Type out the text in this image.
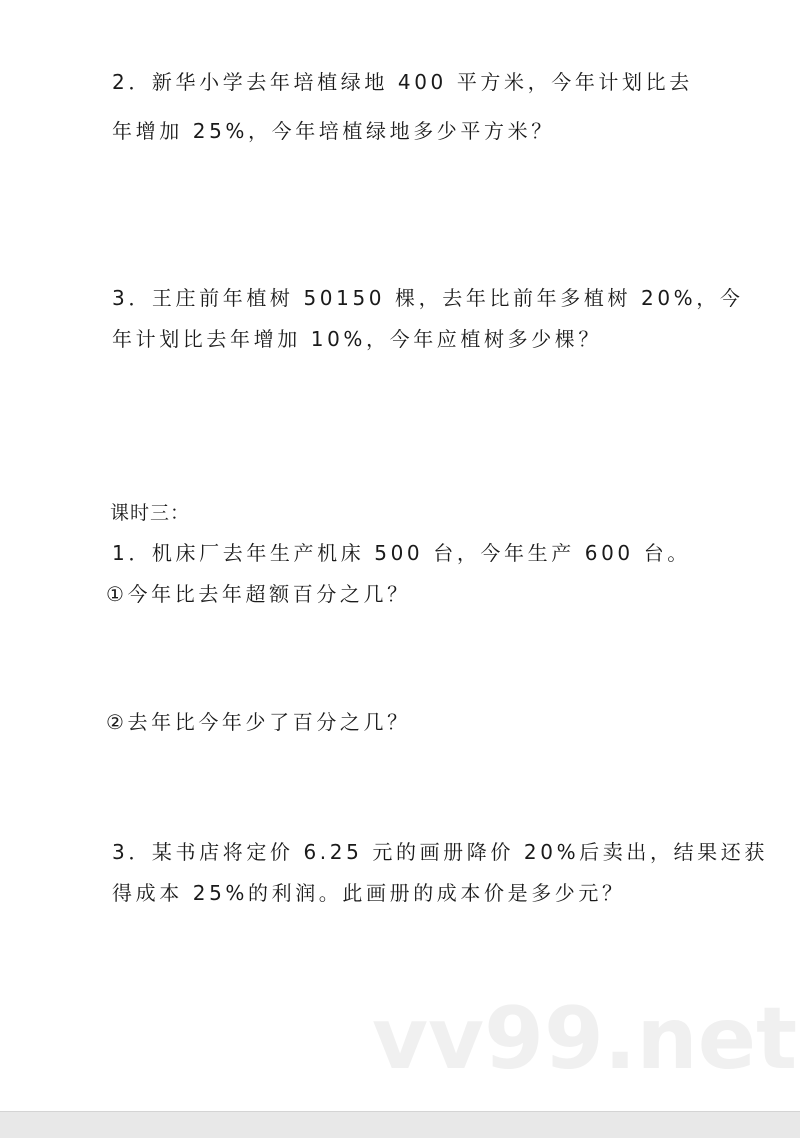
2．新华小学去年培植绿地 400 平方米，今年计划比去
年增加 25%，今年培植绿地多少平方米？
3．王庄前年植树 50150 棵，去年比前年多植树 20%，今
年计划比去年增加 10%，今年应植树多少棵？
课时三：
1．机床厂去年生产机床 500 台，今年生产 600 台。
①今年比去年超额百分之几？
②去年比今年少了百分之几？
3．某书店将定价 6.25 元的画册降价 20%后卖出，结果还获
得成本 25%的利润。此画册的成本价是多少元？
vv99.net
